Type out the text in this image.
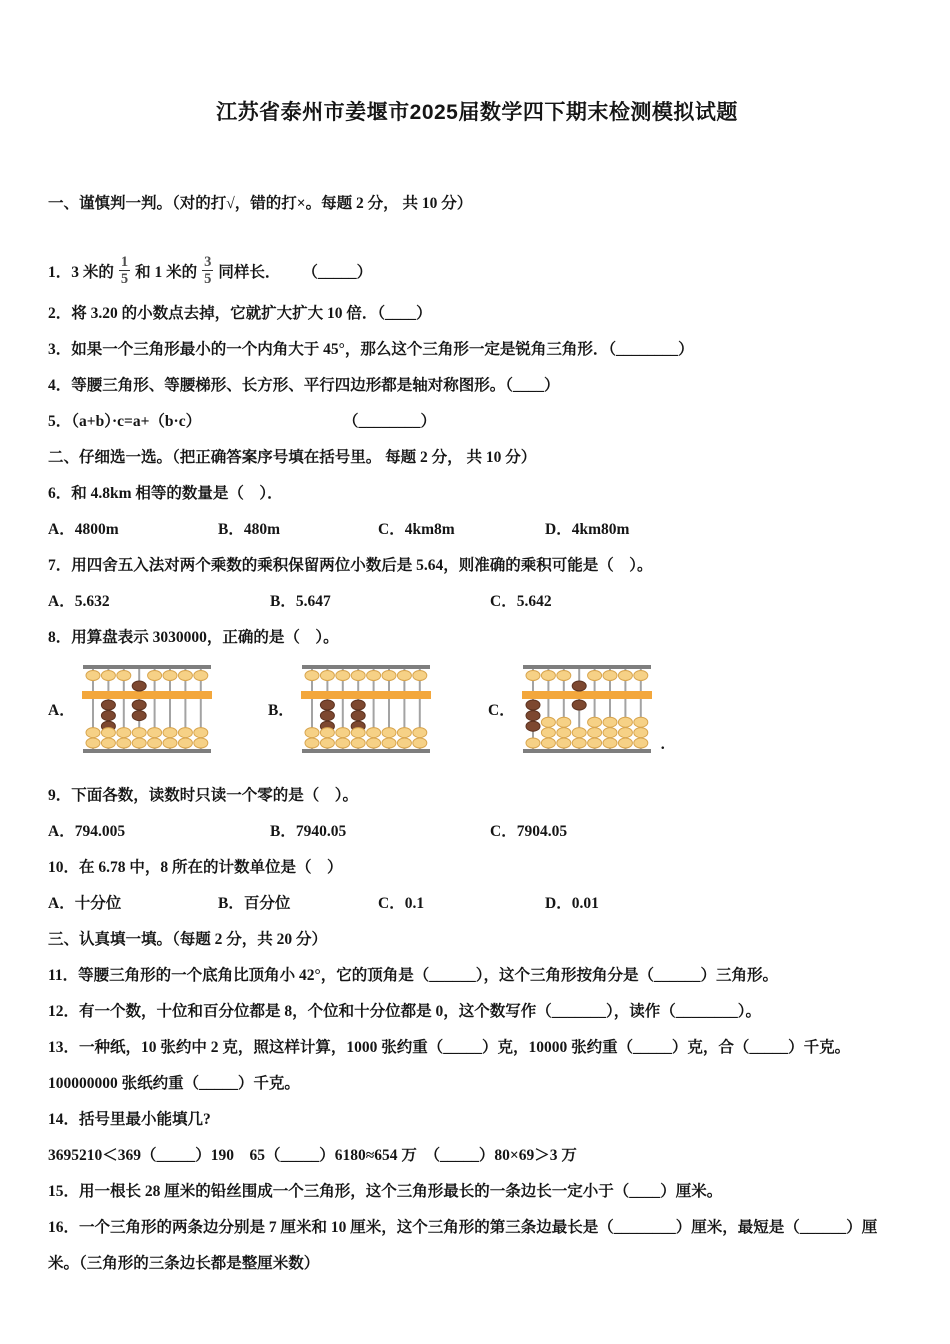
江苏省泰州市姜堰市2025届数学四下期末检测模拟试题

一、谨慎判一判。（对的打√，错的打×。每题 2 分， 共 10 分）

1．3 米的 $\frac{1}{5}$ 和 1 米的 $\frac{3}{5}$ 同样长． （_____）

2．将 3.20 的小数点去掉，它就扩大扩大 10 倍．（____）

3．如果一个三角形最小的一个内角大于 45°，那么这个三角形一定是锐角三角形．（________）

4．等腰三角形、等腰梯形、长方形、平行四边形都是轴对称图形。（____）

5．（a+b）·c=a+（b·c）	（________）

二、仔细选一选。（把正确答案序号填在括号里。 每题 2 分， 共 10 分）

6．和 4.8km 相等的数量是（　）．

A．4800m	B．480m	C．4km8m	D．4km80m

7．用四舍五入法对两个乘数的乘积保留两位小数后是 5.64，则准确的乘积可能是（　）。

A．5.632	B．5.647	C．5.642

8．用算盘表示 3030000，正确的是（　）。

A．	B．	C．
.

9．下面各数，读数时只读一个零的是（　）。

A．794.005	B．7940.05	C．7904.05

10．在 6.78 中，8 所在的计数单位是（　）

A．十分位	B．百分位	C．0.1	D．0.01

三、认真填一填。（每题 2 分，共 20 分）

11．等腰三角形的一个底角比顶角小 42°，它的顶角是（______），这个三角形按角分是（______）三角形。

12．有一个数，十位和百分位都是 8，个位和十分位都是 0，这个数写作（_______），读作（________）。

13．一种纸，10 张约中 2 克，照这样计算，1000 张约重（_____）克，10000 张约重（_____）克，合（_____）千克。100000000 张纸约重（_____）千克。

14．括号里最小能填几?

3695210＜369（_____）190　65（_____）6180≈654 万　（_____）80×69＞3 万

15．用一根长 28 厘米的铅丝围成一个三角形，这个三角形最长的一条边长一定小于（____）厘米。

16．一个三角形的两条边分别是 7 厘米和 10 厘米，这个三角形的第三条边最长是（________）厘米，最短是（______）厘米。（三角形的三条边长都是整厘米数）
